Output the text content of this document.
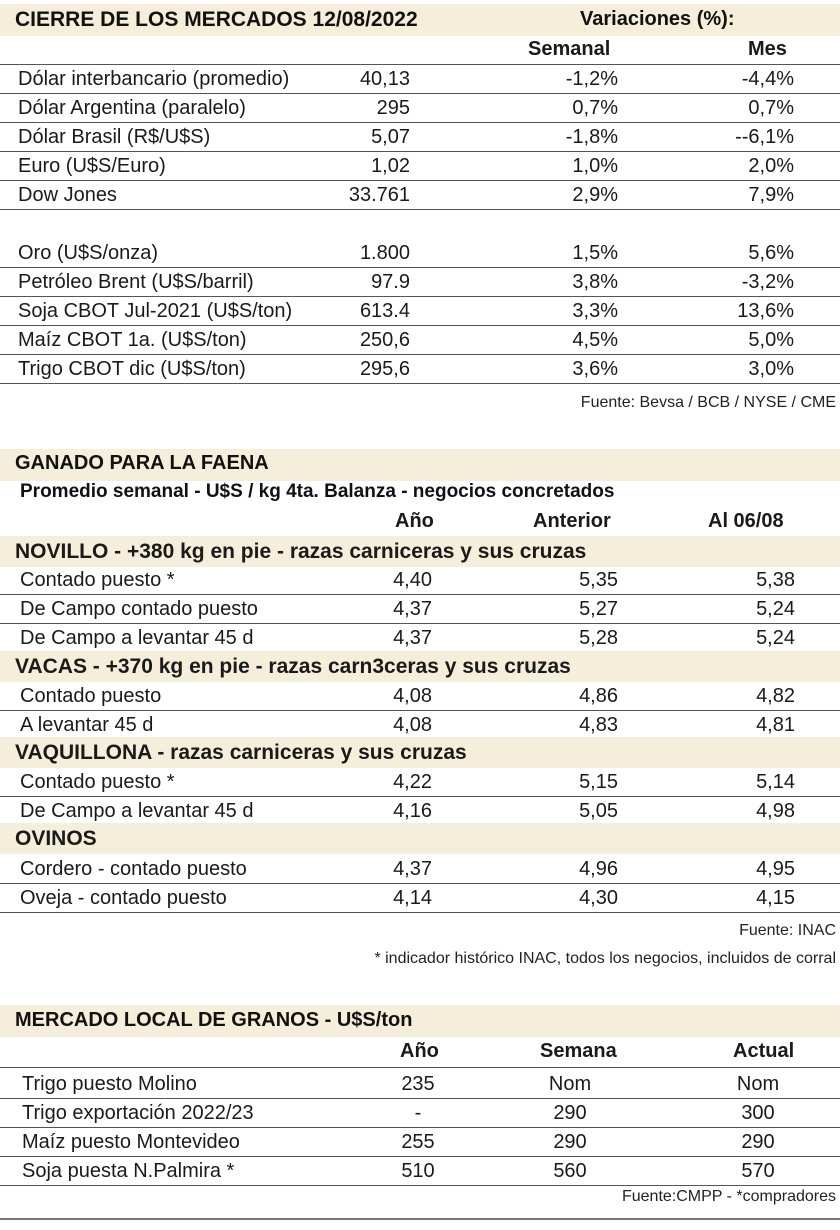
CIERRE DE LOS MERCADOS 12/08/2022	Variaciones (%):
Semanal	Mes
Dólar interbancario (promedio)	40,13	-1,2%	-4,4%
Dólar Argentina (paralelo)	295	0,7%	0,7%
Dólar Brasil (R$/U$S)	5,07	-1,8%	--6,1%
Euro (U$S/Euro)	1,02	1,0%	2,0%
Dow Jones	33.761	2,9%	7,9%
Oro (U$S/onza)	1.800	1,5%	5,6%
Petróleo Brent (U$S/barril)	97.9	3,8%	-3,2%
Soja CBOT Jul-2021 (U$S/ton)	613.4	3,3%	13,6%
Maíz CBOT 1a. (U$S/ton)	250,6	4,5%	5,0%
Trigo CBOT dic (U$S/ton)	295,6	3,6%	3,0%
Fuente: Bevsa / BCB / NYSE / CME
GANADO PARA LA FAENA
Promedio semanal - U$S / kg 4ta. Balanza - negocios concretados
Año	Anterior	Al 06/08
NOVILLO - +380 kg en pie - razas carniceras y sus cruzas
Contado puesto *	4,40	5,35	5,38
De Campo contado puesto	4,37	5,27	5,24
De Campo a levantar 45 d	4,37	5,28	5,24
VACAS - +370 kg en pie - razas carn3ceras y sus cruzas
Contado puesto	4,08	4,86	4,82
A levantar 45 d	4,08	4,83	4,81
VAQUILLONA - razas carniceras y sus cruzas
Contado puesto *	4,22	5,15	5,14
De Campo a levantar 45 d	4,16	5,05	4,98
OVINOS
Cordero - contado puesto	4,37	4,96	4,95
Oveja - contado puesto	4,14	4,30	4,15
Fuente: INAC
* indicador histórico INAC, todos los negocios, incluidos de corral
MERCADO LOCAL DE GRANOS - U$S/ton
Año	Semana	Actual
Trigo puesto Molino	235	Nom	Nom
Trigo exportación 2022/23	-	290	300
Maíz puesto Montevideo	255	290	290
Soja puesta N.Palmira *	510	560	570
Fuente:CMPP - *compradores
